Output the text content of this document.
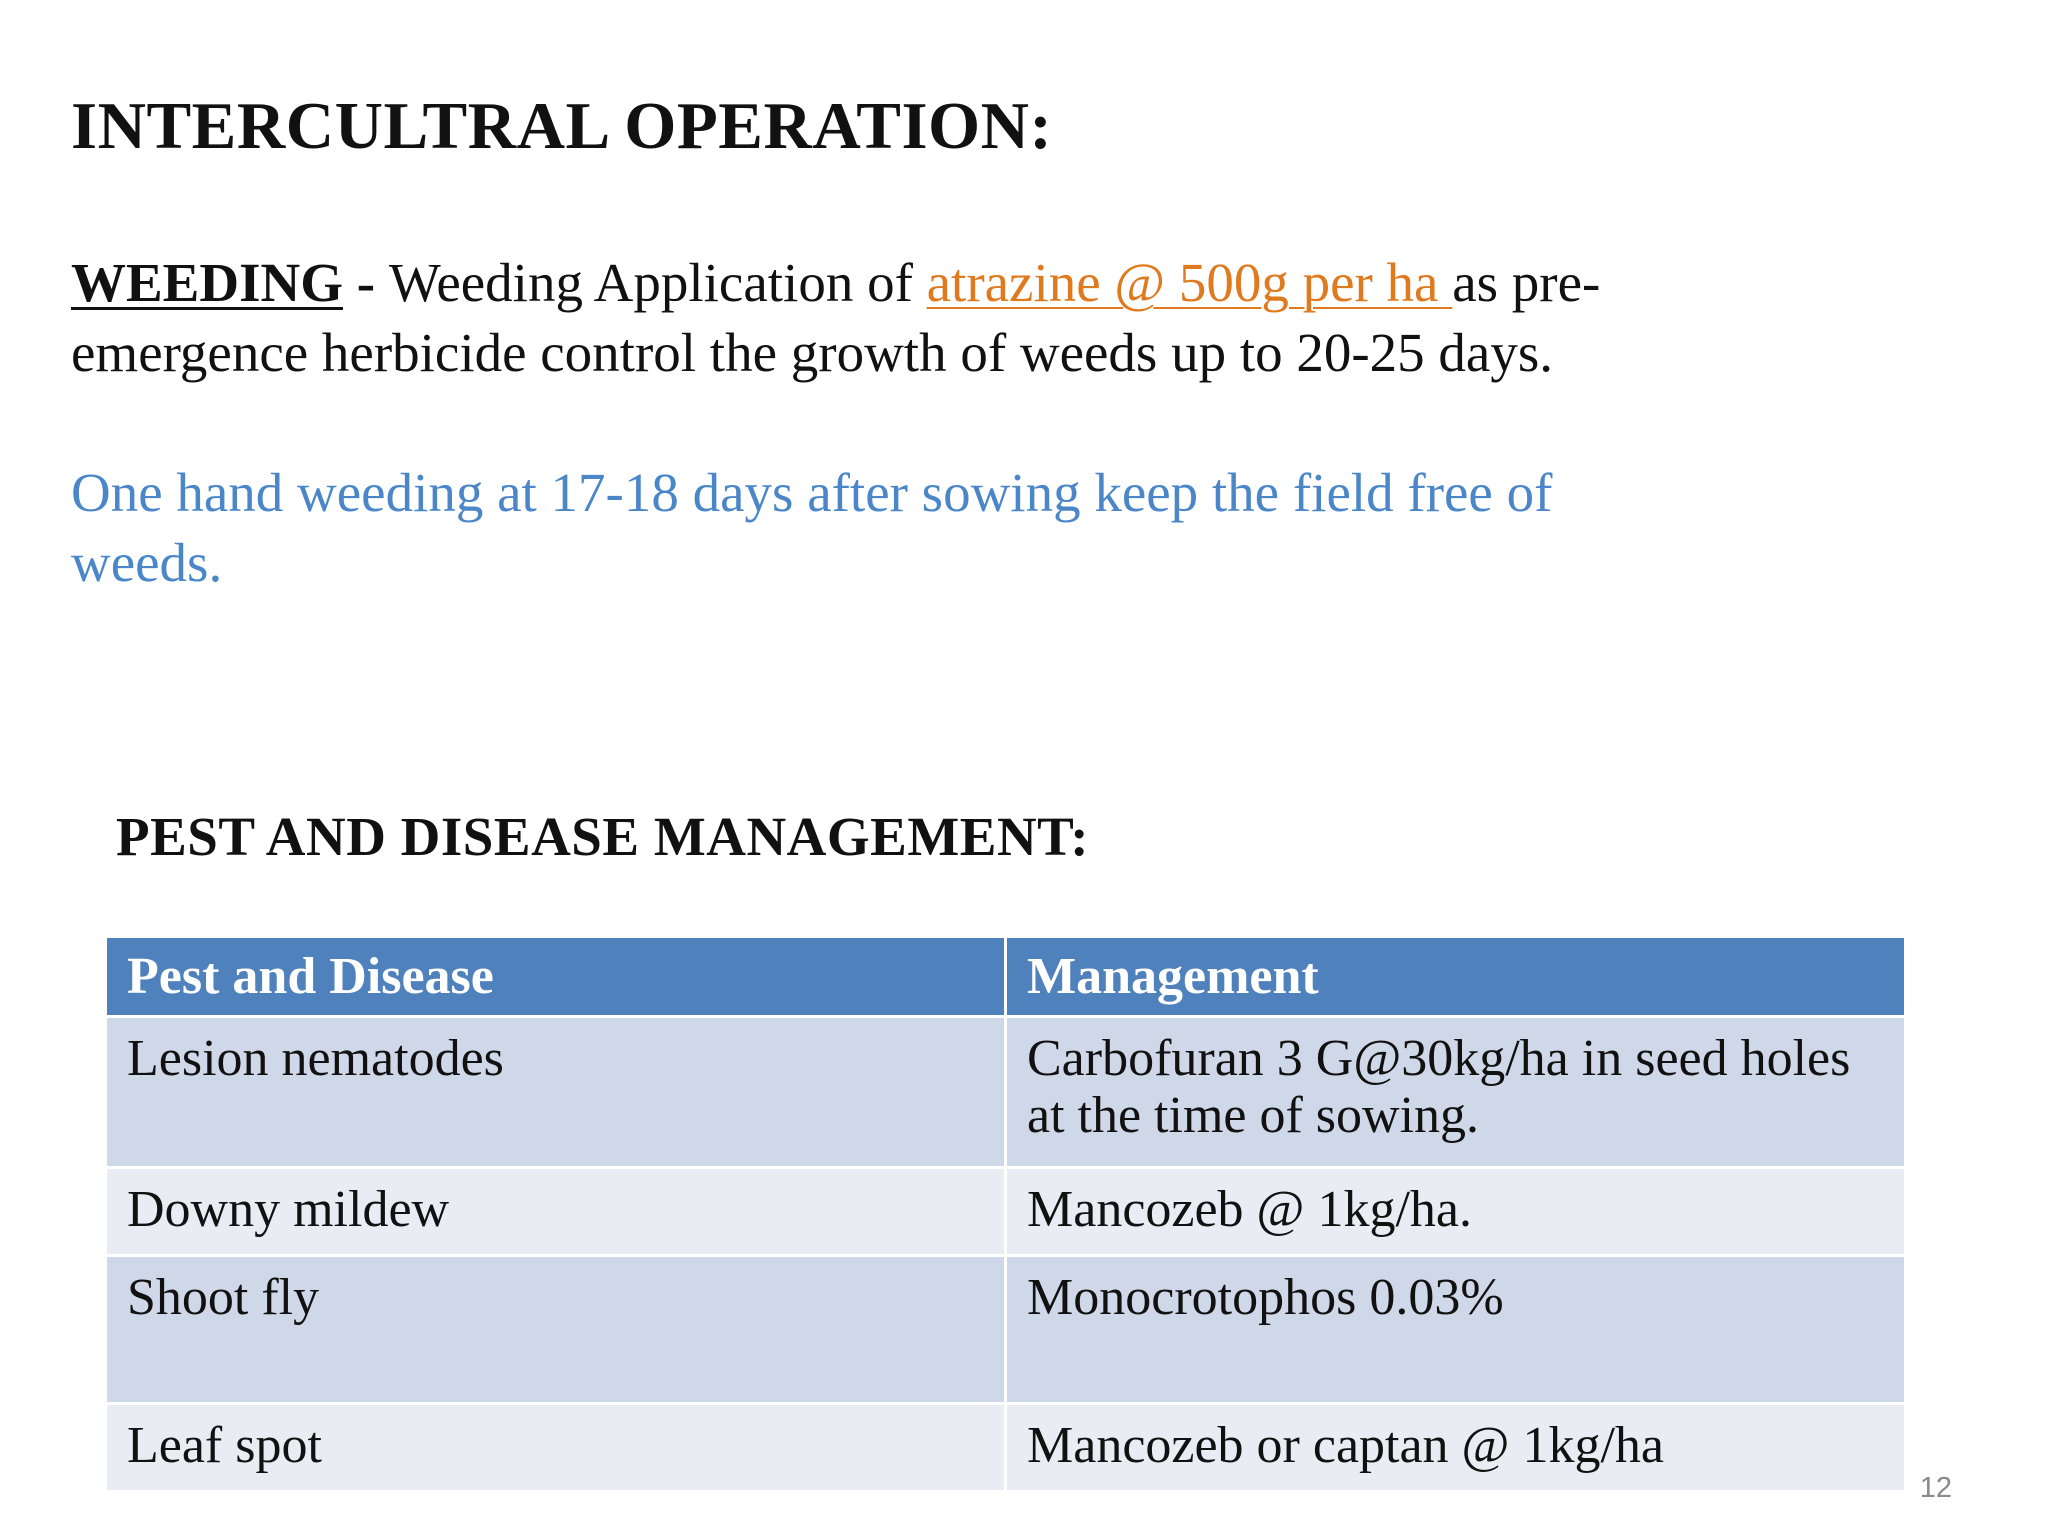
INTERCULTRAL OPERATION:

WEEDING - Weeding Application of atrazine @ 500g per ha as pre-emergence herbicide control the growth of weeds up to 20-25 days.

One hand weeding at 17-18 days after sowing keep the field free of weeds.

PEST AND DISEASE MANAGEMENT:
Pest and Disease	Management
Lesion nematodes	Carbofuran 3 G@30kg/ha in seed holes at the time of sowing.
Downy mildew	Mancozeb @ 1kg/ha.
Shoot fly	Monocrotophos 0.03%
Leaf spot	Mancozeb or captan @ 1kg/ha
12
